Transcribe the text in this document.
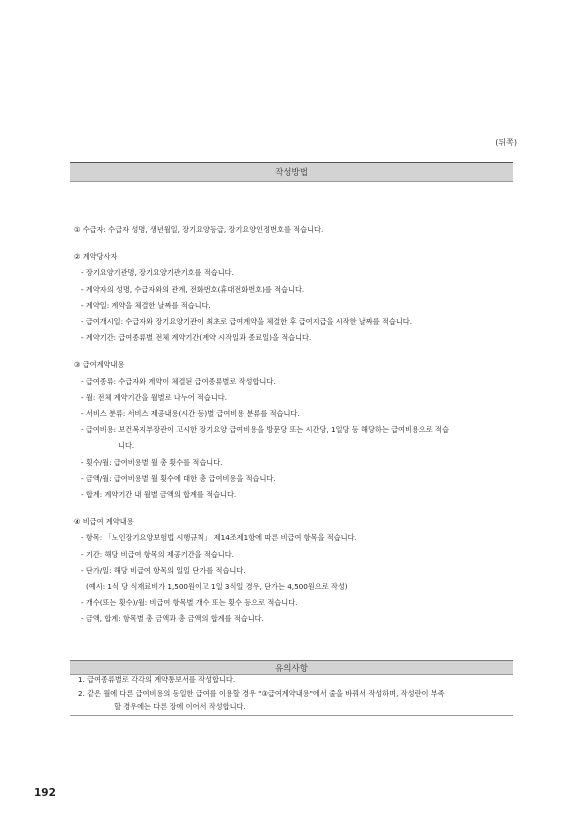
(뒤쪽)
작성방법
① 수급자: 수급자 성명, 생년월일, 장기요양등급, 장기요양인정번호를 적습니다.
② 계약당사자
- 장기요양기관명, 장기요양기관기호를 적습니다.
- 계약자의 성명, 수급자와의 관계, 전화번호(휴대전화번호)를 적습니다.
- 계약일: 계약을 체결한 날짜를 적습니다.
- 급여개시일: 수급자와 장기요양기관이 최초로 급여계약을 체결한 후 급여지급을 시작한 날짜를 적습니다.
- 계약기간: 급여종류별 전체 계약기간(계약 시작일과 종료일)을 적습니다.
③ 급여계약내용
- 급여종류: 수급자와 계약이 체결된 급여종류별로 작성합니다.
- 월: 전체 계약기간을 월별로 나누어 적습니다.
- 서비스 분류: 서비스 제공내용(시간 등)별 급여비용 분류를 적습니다.
- 급여비용: 보건복지부장관이 고시한 장기요양 급여비용을 방문당 또는 시간당, 1일당 등 해당하는 급여비용으로 적습
니다.
- 횟수/월: 급여비용별 월 총 횟수를 적습니다.
- 금액/월: 급여비용별 월 횟수에 대한 총 급여비용을 적습니다.
- 합계: 계약기간 내 월별 금액의 합계를 적습니다.
④ 비급여 계약내용
- 항목: 「노인장기요양보험법 시행규칙」 제14조제1항에 따른 비급여 항목을 적습니다.
- 기간: 해당 비급여 항목의 제공기간을 적습니다.
- 단가/일: 해당 비급여 항목의 일일 단가를 적습니다.
(예시: 1식 당 식재료비가 1,500원이고 1일 3식일 경우, 단가는 4,500원으로 작성)
- 개수(또는 횟수)/월: 비급여 항목별 개수 또는 횟수 등으로 적습니다.
- 금액, 합계: 항목별 총 금액과 총 금액의 합계를 적습니다.
유의사항
1. 급여종류별로 각각의 계약통보서를 작성합니다.
2. 같은 월에 다른 급여비용의 동일한 급여를 이용할 경우 "③급여계약내용"에서 줄을 바꿔서 작성하며, 작성란이 부족
할 경우에는 다른 장에 이어서 작성합니다.
192
